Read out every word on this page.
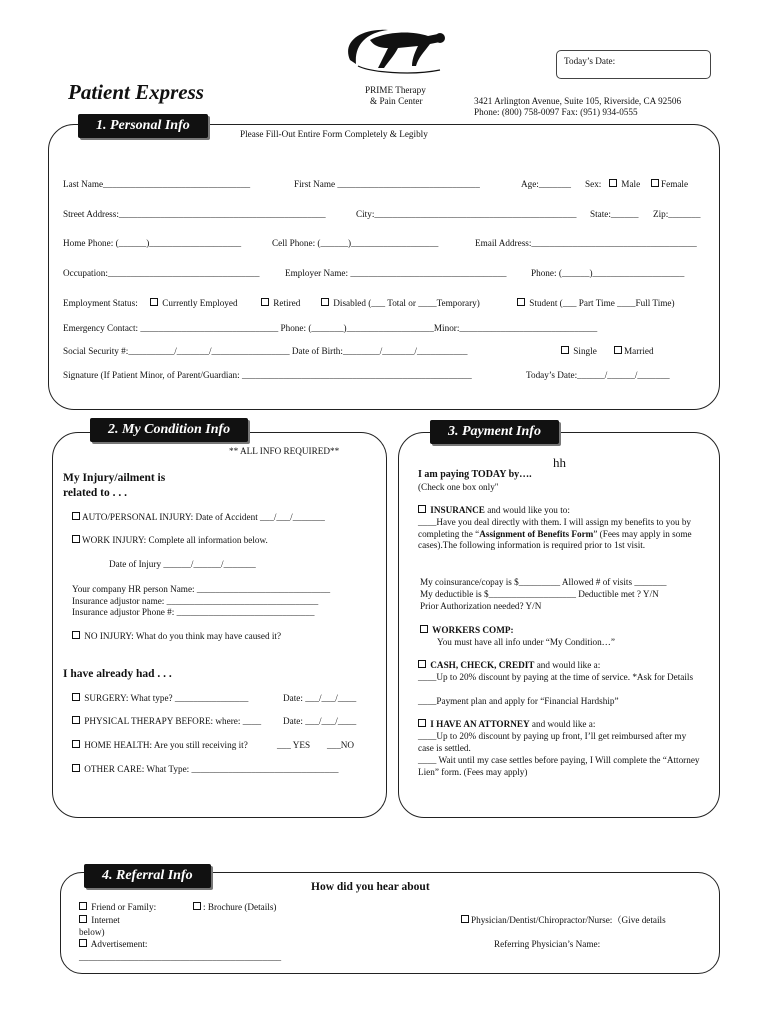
Today’s Date:
Patient Express	PRIME Therapy
& Pain Center	3421 Arlington Avenue, Suite 105, Riverside, CA 92506
Phone: (800) 758-0097 Fax: (951) 934-0555
1. Personal Info
Please Fill-Out Entire Form Completely & Legibly
Last Name________________________________	First Name _______________________________	Age:_______ Sex:	Male	Female
Street Address:_____________________________________________	City:____________________________________________ State:______ Zip:_______
Home Phone: (______)____________________	Cell Phone: (______)___________________	Email Address:____________________________________
Occupation:_________________________________	Employer Name: __________________________________	Phone: (______)____________________
Employment Status:	Currently Employed	Retired	Disabled (___ Total or ____Temporary)	Student (___ Part Time ____Full Time)
Emergency Contact: ______________________________ Phone: (_______)___________________Minor:______________________________
Social Security #:__________/_______/_________________ Date of Birth:________/_______/___________	Single	Married
Signature (If Patient Minor, of Parent/Guardian: __________________________________________________	Today’s Date:______/______/_______
2. My Condition Info
** ALL INFO REQUIRED**
My Injury/ailment is
related to . . .
AUTO/PERSONAL INJURY: Date of Accident ___/___/_______
WORK INJURY: Complete all information below.
Date of Injury ______/______/_______
Your company HR person Name: _____________________________
Insurance adjustor name: _________________________________
Insurance adjustor Phone #: ______________________________
NO INJURY: What do you think may have caused it?
I have already had . . .
SURGERY: What type? ________________	Date: ___/___/____
PHYSICAL THERAPY BEFORE: where: ____ Date: ___/___/____
HOME HEALTH: Are you still receiving it?	___ YES ___NO
OTHER CARE: What Type: ________________________________
3. Payment Info
hh
I am paying TODAY by….
(Check one box only"
INSURANCE and would like you to:
____Have you deal directly with them. I will assign my benefits to you by completing the “Assignment of Benefits Form” (Fees may apply in some cases).The following information is required prior to 1st visit.
My coinsurance/copay is $_________ Allowed # of visits _______
My deductible is $___________________ Deductible met ? Y/N
Prior Authorization needed? Y/N
WORKERS COMP:
You must have all info under “My Condition…”
CASH, CHECK, CREDIT and would like a:
____Up to 20% discount by paying at the time of service. *Ask for Details
____Payment plan and apply for “Financial Hardship”
I HAVE AN ATTORNEY and would like a:
____Up to 20% discount by paying up front, I’ll get reimbursed after my case is settled.
____ Wait until my case settles before paying, I Will complete the “Attorney Lien” form. (Fees may apply)
4. Referral Info
How did you hear about
Friend or Family:	: Brochure (Details)
Internet	Physician/Dentist/Chiropractor/Nurse:（Give details
below)
Advertisement:	Referring Physician’s Name:
____________________________________________
